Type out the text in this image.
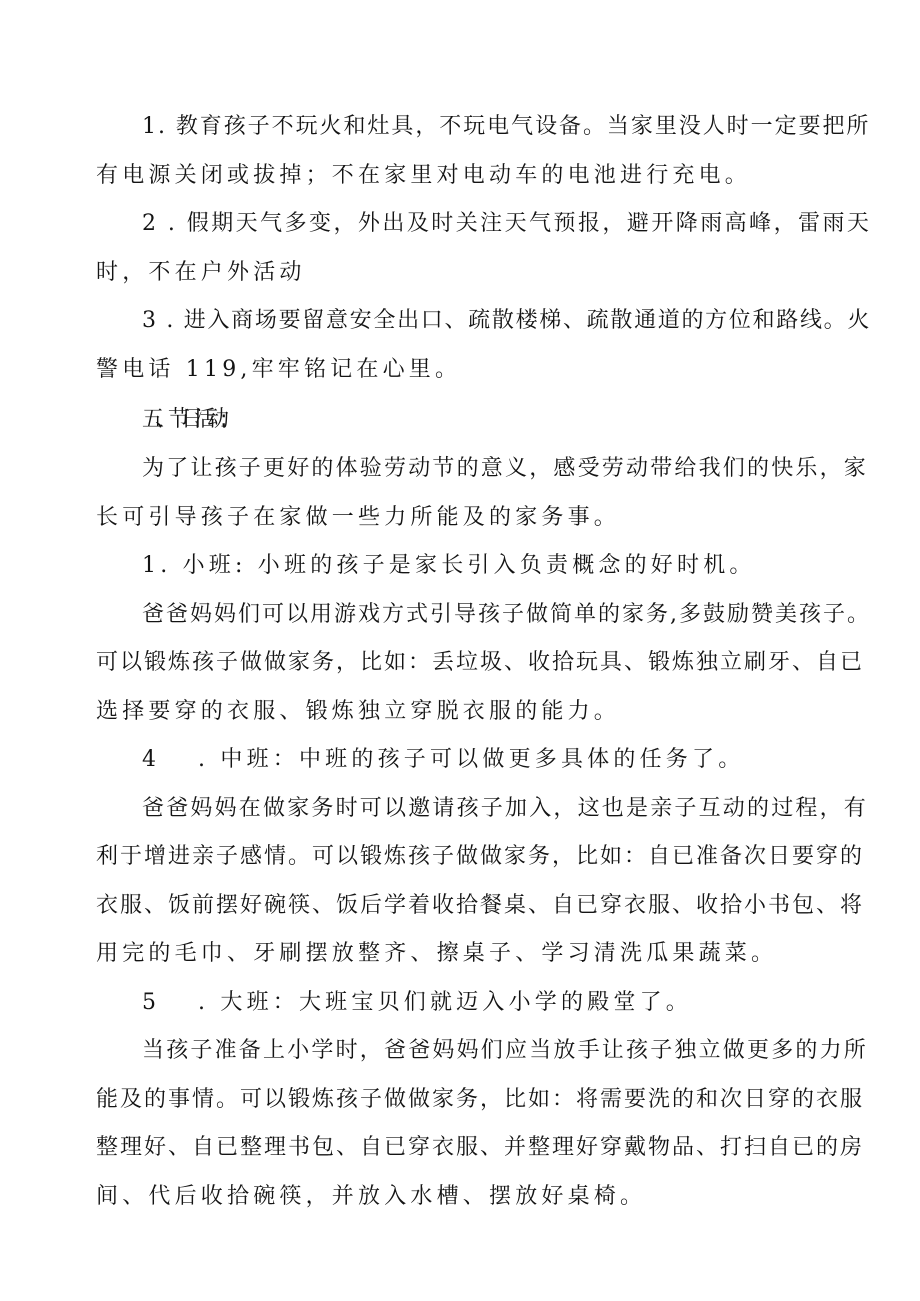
1. 教育孩子不玩火和灶具，不玩电气设备。当家里没人时一定要把所
有电源关闭或拔掉；不在家里对电动车的电池进行充电。
2 . 假期天气多变，外出及时关注天气预报，避开降雨高峰，雷雨天
时，不在户外活动
3 . 进入商场要留意安全出口、疏散楼梯、疏散通道的方位和路线。火
警电话 119,牢牢铭记在心里。
五、节日活动:
为了让孩子更好的体验劳动节的意义，感受劳动带给我们的快乐，家
长可引导孩子在家做一些力所能及的家务事。
1. 小班: 小班的孩子是家长引入负责概念的好时机。
爸爸妈妈们可以用游戏方式引导孩子做简单的家务,多鼓励赞美孩子。
可以锻炼孩子做做家务，比如：丢垃圾、收拾玩具、锻炼独立刷牙、自已
选择要穿的衣服、锻炼独立穿脱衣服的能力。
4 . 中班：中班的孩子可以做更多具体的任务了。
爸爸妈妈在做家务时可以邀请孩子加入，这也是亲子互动的过程，有
利于增进亲子感情。可以锻炼孩子做做家务，比如：自已准备次日要穿的
衣服、饭前摆好碗筷、饭后学着收拾餐桌、自已穿衣服、收拾小书包、将
用完的毛巾、牙刷摆放整齐、擦桌子、学习清洗瓜果蔬菜。
5 . 大班：大班宝贝们就迈入小学的殿堂了。
当孩子准备上小学时，爸爸妈妈们应当放手让孩子独立做更多的力所
能及的事情。可以锻炼孩子做做家务，比如：将需要洗的和次日穿的衣服
整理好、自已整理书包、自已穿衣服、并整理好穿戴物品、打扫自已的房
间、代后收拾碗筷，并放入水槽、摆放好桌椅。
